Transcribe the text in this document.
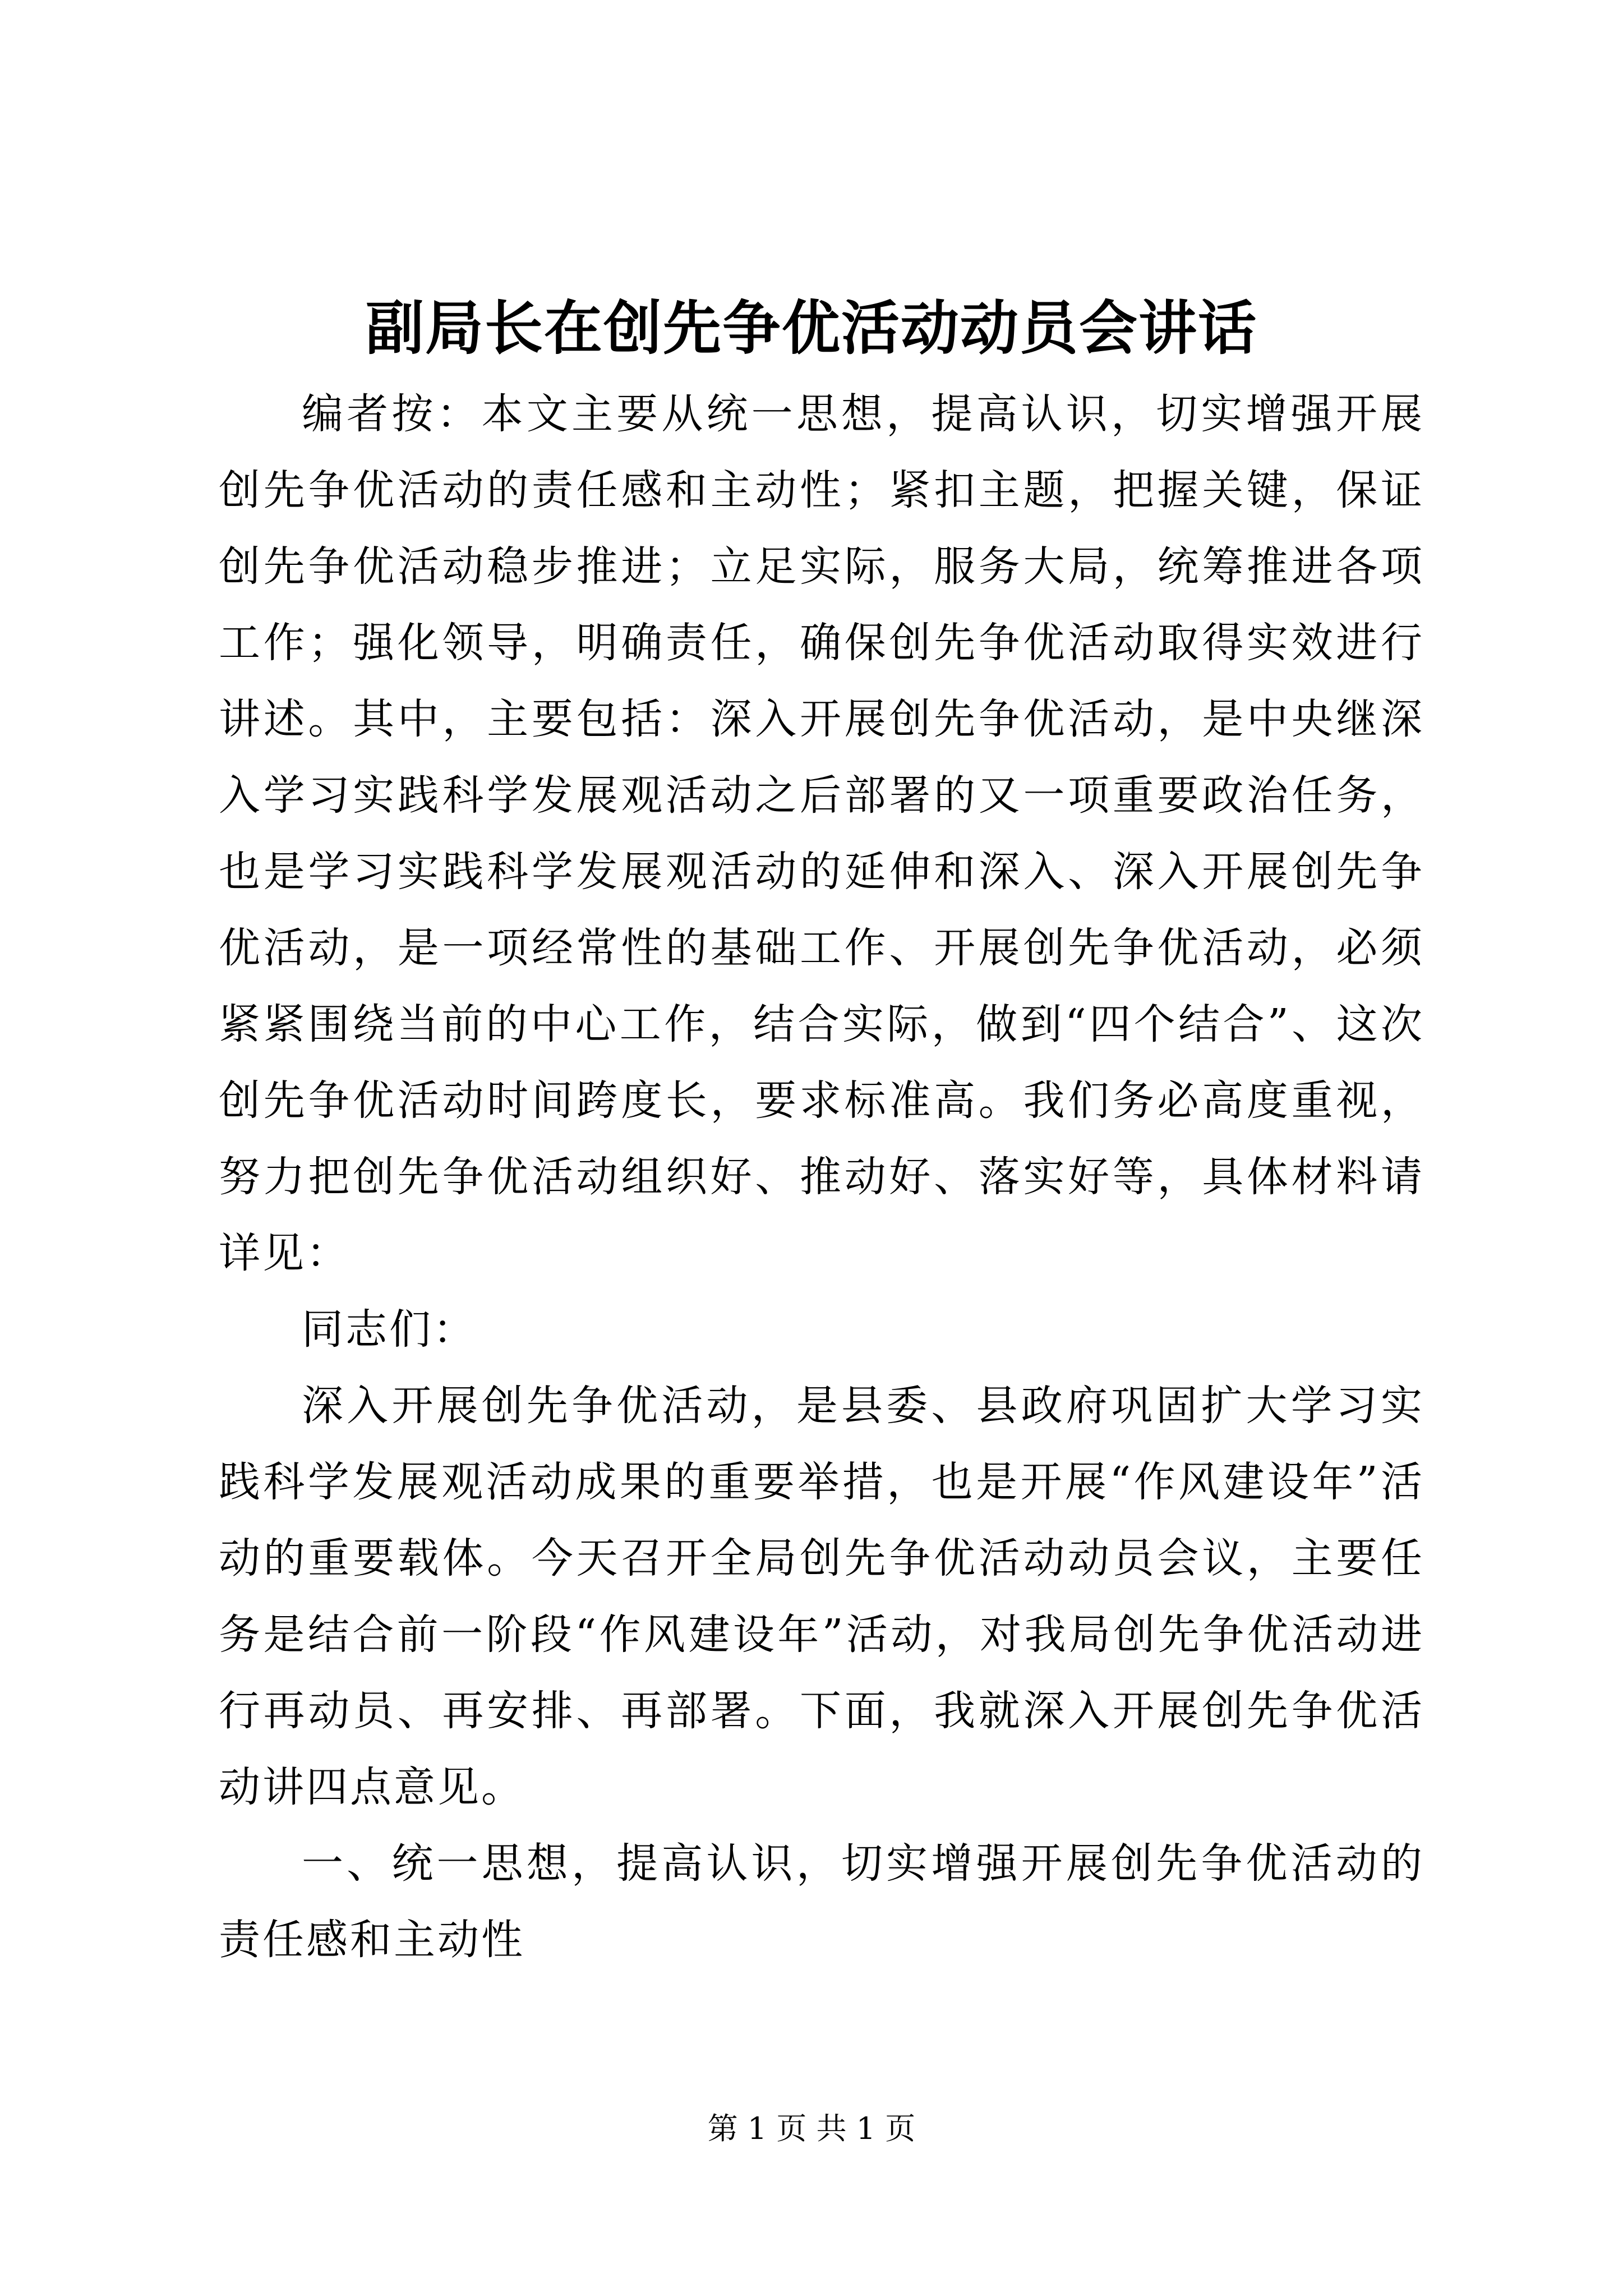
副局长在创先争优活动动员会讲话

编者按：本文主要从统一思想，提高认识，切实增强开展创先争优活动的责任感和主动性；紧扣主题，把握关键，保证创先争优活动稳步推进；立足实际，服务大局，统筹推进各项工作；强化领导，明确责任，确保创先争优活动取得实效进行讲述。其中，主要包括：深入开展创先争优活动，是中央继深入学习实践科学发展观活动之后部署的又一项重要政治任务，也是学习实践科学发展观活动的延伸和深入、深入开展创先争优活动，是一项经常性的基础工作、开展创先争优活动，必须紧紧围绕当前的中心工作，结合实际，做到“四个结合”、这次创先争优活动时间跨度长，要求标准高。我们务必高度重视，努力把创先争优活动组织好、推动好、落实好等，具体材料请详见：

同志们：

深入开展创先争优活动，是县委、县政府巩固扩大学习实践科学发展观活动成果的重要举措，也是开展“作风建设年”活动的重要载体。今天召开全局创先争优活动动员会议，主要任务是结合前一阶段“作风建设年”活动，对我局创先争优活动进行再动员、再安排、再部署。下面，我就深入开展创先争优活动讲四点意见。

一、统一思想，提高认识，切实增强开展创先争优活动的责任感和主动性

第 1 页 共 1 页
